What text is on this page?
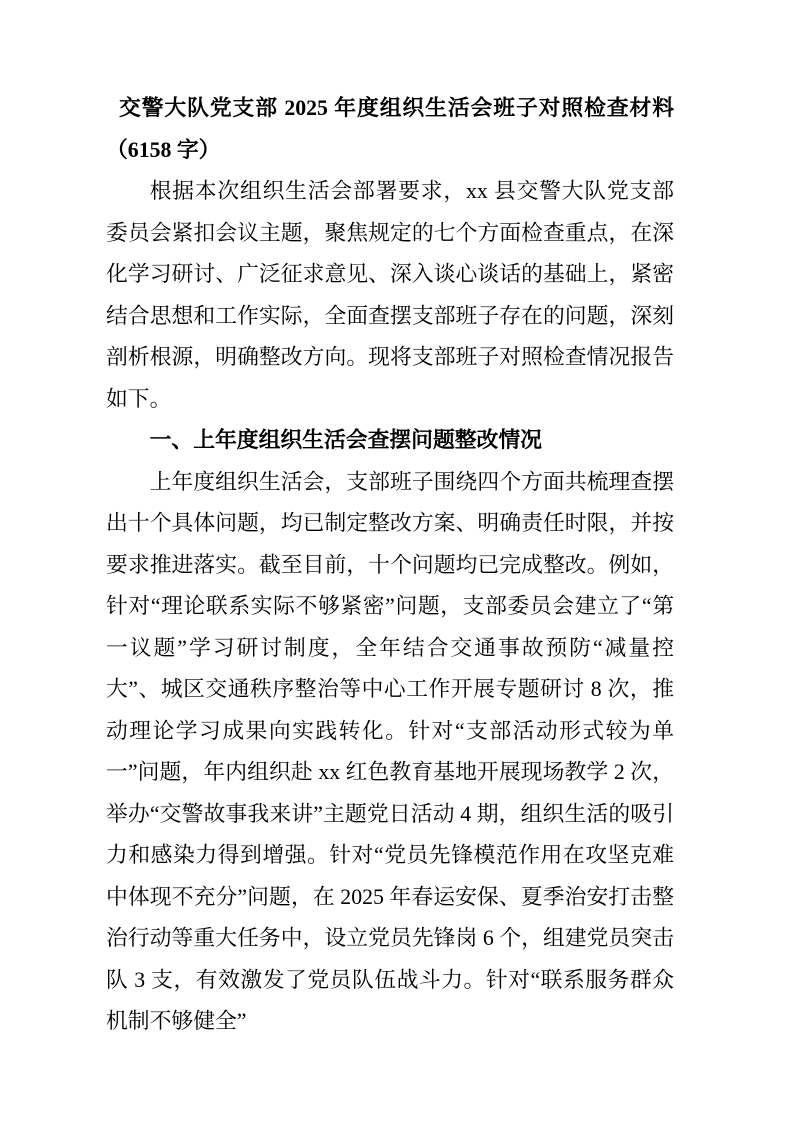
交警大队党支部 2025 年度组织生活会班子对照检查材料（6158 字）

根据本次组织生活会部署要求，xx 县交警大队党支部委员会紧扣会议主题，聚焦规定的七个方面检查重点，在深化学习研讨、广泛征求意见、深入谈心谈话的基础上，紧密结合思想和工作实际，全面查摆支部班子存在的问题，深刻剖析根源，明确整改方向。现将支部班子对照检查情况报告如下。

一、上年度组织生活会查摆问题整改情况

上年度组织生活会，支部班子围绕四个方面共梳理查摆出十个具体问题，均已制定整改方案、明确责任时限，并按要求推进落实。截至目前，十个问题均已完成整改。例如，针对“理论联系实际不够紧密”问题，支部委员会建立了“第一议题”学习研讨制度，全年结合交通事故预防“减量控大”、城区交通秩序整治等中心工作开展专题研讨 8 次，推动理论学习成果向实践转化。针对“支部活动形式较为单一”问题，年内组织赴 xx 红色教育基地开展现场教学 2 次，举办“交警故事我来讲”主题党日活动 4 期，组织生活的吸引力和感染力得到增强。针对“党员先锋模范作用在攻坚克难中体现不充分”问题，在 2025 年春运安保、夏季治安打击整治行动等重大任务中，设立党员先锋岗 6 个，组建党员突击队 3 支，有效激发了党员队伍战斗力。针对“联系服务群众机制不够健全”
